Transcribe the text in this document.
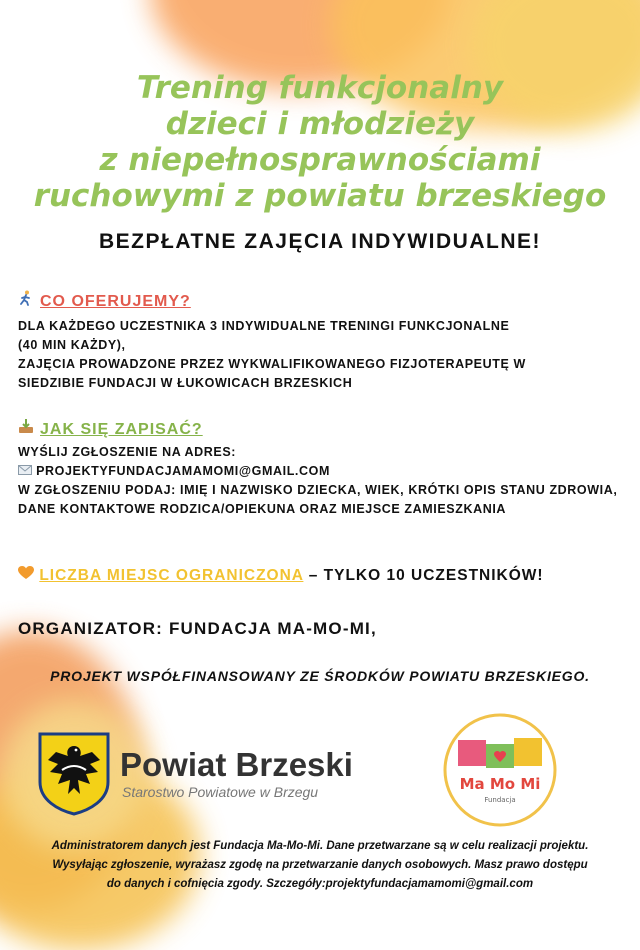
Trening funkcjonalny
dzieci i młodzieży
z niepełnosprawnościami
ruchowymi z powiatu brzeskiego
BEZPŁATNE ZAJĘCIA INDYWIDUALNE!
CO OFERUJEMY?
DLA KAŻDEGO UCZESTNIKA 3 INDYWIDUALNE TRENINGI FUNKCJONALNE
(40 MIN KAŻDY),
ZAJĘCIA PROWADZONE PRZEZ WYKWALIFIKOWANEGO FIZJOTERAPEUTĘ W
SIEDZIBIE FUNDACJI W ŁUKOWICACH BRZESKICH
JAK SIĘ ZAPISAĆ?
WYŚLIJ ZGŁOSZENIE NA ADRES:
PROJEKTYFUNDACJAMAMOMI@GMAIL.COM
W ZGŁOSZENIU PODAJ: IMIĘ I NAZWISKO DZIECKA, WIEK, KRÓTKI OPIS STANU ZDROWIA, DANE KONTAKTOWE RODZICA/OPIEKUNA ORAZ MIEJSCE ZAMIESZKANIA
LICZBA MIEJSC OGRANICZONA – TYLKO 10 UCZESTNIKÓW!
ORGANIZATOR: FUNDACJA MA-MO-MI,
PROJEKT WSPÓŁFINANSOWANY ZE ŚRODKÓW POWIATU BRZESKIEGO.
Powiat Brzeski
Starostwo Powiatowe w Brzegu	Ma Mo Mi
Fundacja
Administratorem danych jest Fundacja Ma-Mo-Mi. Dane przetwarzane są w celu realizacji projektu.
Wysyłając zgłoszenie, wyrażasz zgodę na przetwarzanie danych osobowych. Masz prawo dostępu
do danych i cofnięcia zgody. Szczegóły:projektyfundacjamamomi@gmail.com
